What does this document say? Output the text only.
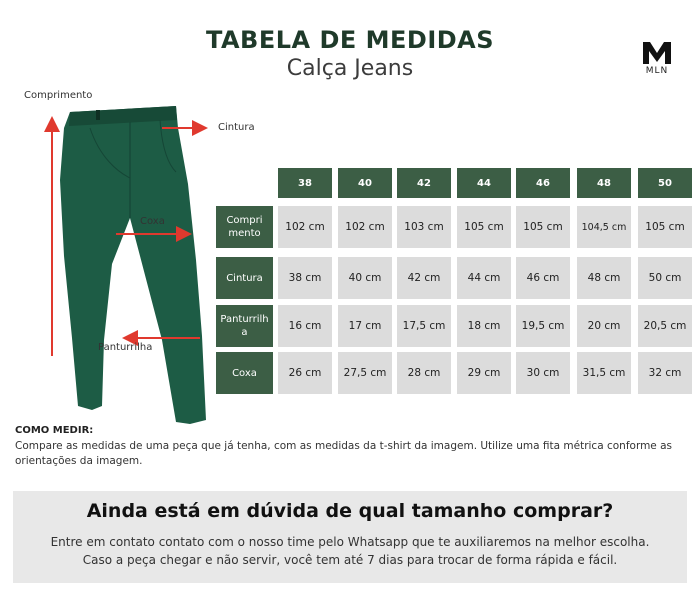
TABELA DE MEDIDAS
Calça Jeans	MLN
Comprimento
Cintura
Coxa
Panturrilha
38	40	42	44	46	48	50
Compri
mento
102 cm	102 cm	103 cm	105 cm	105 cm	104,5 cm	105 cm
Cintura	38 cm	40 cm	42 cm	44 cm	46 cm	48 cm	50 cm
Panturrilh
a
16 cm	17 cm	17,5 cm	18 cm	19,5 cm	20 cm	20,5 cm
Coxa	26 cm	27,5 cm	28 cm	29 cm	30 cm	31,5 cm	32 cm
COMO MEDIR:
Compare as medidas de uma peça que já tenha, com as medidas da t-shirt da imagem. Utilize uma fita métrica conforme as orientações da imagem.
Ainda está em dúvida de qual tamanho comprar?
Entre em contato contato com o nosso time pelo Whatsapp que te auxiliaremos na melhor escolha.
Caso a peça chegar e não servir, você tem até 7 dias para trocar de forma rápida e fácil.
